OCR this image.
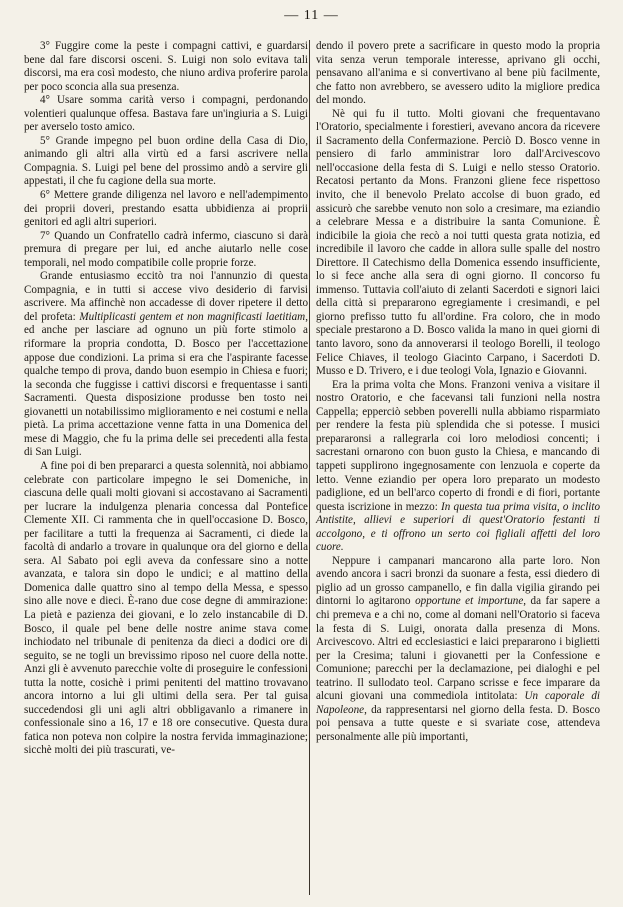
— 11 —

3° Fuggire come la peste i compagni cattivi, e guardarsi bene dal fare discorsi osceni. S. Luigi non solo evitava tali discorsi, ma era così modesto, che niuno ardiva proferire parola per poco sconcia alla sua presenza.

4° Usare somma carità verso i compagni, perdonando volentieri qualunque offesa. Bastava fare un'ingiuria a S. Luigi per averselo tosto amico.

5° Grande impegno pel buon ordine della Casa di Dio, animando gli altri alla virtù ed a farsi ascrivere nella Compagnia. S. Luigi pel bene del prossimo andò a servire gli appestati, il che fu cagione della sua morte.

6° Mettere grande diligenza nel lavoro e nell'adempimento dei proprii doveri, prestando esatta ubbidienza ai proprii genitori ed agli altri superiori.

7° Quando un Confratello cadrà infermo, ciascuno si darà premura di pregare per lui, ed anche aiutarlo nelle cose temporali, nel modo compatibile colle proprie forze.

Grande entusiasmo eccitò tra noi l'annunzio di questa Compagnia, e in tutti si accese vivo desiderio di farvisi ascrivere. Ma affinchè non accadesse di dover ripetere il detto del profeta: Multiplicasti gentem et non magnificasti laetitiam, ed anche per lasciare ad ognuno un più forte stimolo a riformare la propria condotta, D. Bosco per l'accettazione appose due condizioni. La prima si era che l'aspirante facesse qualche tempo di prova, dando buon esempio in Chiesa e fuori; la seconda che fuggisse i cattivi discorsi e frequentasse i santi Sacramenti. Questa disposizione produsse ben tosto nei giovanetti un notabilissimo miglioramento e nei costumi e nella pietà. La prima accettazione venne fatta in una Domenica del mese di Maggio, che fu la prima delle sei precedenti alla festa di San Luigi.

A fine poi di ben prepararci a questa solennità, noi abbiamo celebrate con particolare impegno le sei Domeniche, in ciascuna delle quali molti giovani si accostavano ai Sacramenti per lucrare la indulgenza plenaria concessa dal Pontefice Clemente XII. Ci rammenta che in quell'occasione D. Bosco, per facilitare a tutti la frequenza ai Sacramenti, ci diede la facoltà di andarlo a trovare in qualunque ora del giorno e della sera. Al Sabato poi egli aveva da confessare sino a notte avanzata, e talora sin dopo le undici; e al mattino della Domenica dalle quattro sino al tempo della Messa, e spesso sino alle nove e dieci. È-rano due cose degne di ammirazione: La pietà e pazienza dei giovani, e lo zelo instancabile di D. Bosco, il quale pel bene delle nostre anime stava come inchiodato nel tribunale di penitenza da dieci a dodici ore di seguito, se ne togli un brevissimo riposo nel cuore della notte. Anzi gli è avvenuto parecchie volte di proseguire le confessioni tutta la notte, cosichè i primi penitenti del mattino trovavano ancora intorno a lui gli ultimi della sera. Per tal guisa succedendosi gli uni agli altri obbligavanlo a rimanere in confessionale sino a 16, 17 e 18 ore consecutive. Questa dura fatica non poteva non colpire la nostra fervida immaginazione; sicchè molti dei più trascurati, ve-

dendo il povero prete a sacrificare in questo modo la propria vita senza verun temporale interesse, aprivano gli occhi, pensavano all'anima e si convertivano al bene più facilmente, che fatto non avrebbero, se avessero udito la migliore predica del mondo.

Nè qui fu il tutto. Molti giovani che frequentavano l'Oratorio, specialmente i forestieri, avevano ancora da ricevere il Sacramento della Confermazione. Perciò D. Bosco venne in pensiero di farlo amministrar loro dall'Arcivescovo nell'occasione della festa di S. Luigi e nello stesso Oratorio. Recatosi pertanto da Mons. Franzoni gliene fece rispettoso invito, che il benevolo Prelato accolse di buon grado, ed assicurò che sarebbe venuto non solo a cresimare, ma eziandio a celebrare Messa e a distribuire la santa Comunione. È indicibile la gioia che recò a noi tutti questa grata notizia, ed incredibile il lavoro che cadde in allora sulle spalle del nostro Direttore. Il Catechismo della Domenica essendo insufficiente, lo si fece anche alla sera di ogni giorno. Il concorso fu immenso. Tuttavia coll'aiuto di zelanti Sacerdoti e signori laici della città si prepararono egregiamente i cresimandi, e pel giorno prefisso tutto fu all'ordine. Fra coloro, che in modo speciale prestarono a D. Bosco valida la mano in quei giorni di tanto lavoro, sono da annoverarsi il teologo Borelli, il teologo Felice Chiaves, il teologo Giacinto Carpano, i Sacerdoti D. Musso e D. Trivero, e i due teologi Vola, Ignazio e Giovanni.

Era la prima volta che Mons. Franzoni veniva a visitare il nostro Oratorio, e che facevansi tali funzioni nella nostra Cappella; epperciò sebben poverelli nulla abbiamo risparmiato per rendere la festa più splendida che si potesse. I musici prepararonsi a rallegrarla coi loro melodiosi concenti; i sacrestani ornarono con buon gusto la Chiesa, e mancando di tappeti supplirono ingegnosamente con lenzuola e coperte da letto. Venne eziandio per opera loro preparato un modesto padiglione, ed un bell'arco coperto di frondi e di fiori, portante questa iscrizione in mezzo: In questa tua prima visita, o inclito Antistite, allievi e superiori di quest'Oratorio festanti ti accolgono, e ti offrono un serto coi figliali affetti del loro cuore.

Neppure i campanari mancarono alla parte loro. Non avendo ancora i sacri bronzi da suonare a festa, essi diedero di piglio ad un grosso campanello, e fin dalla vigilia girando pei dintorni lo agitarono opportune et importune, da far sapere a chi premeva e a chi no, come al domani nell'Oratorio si faceva la festa di S. Luigi, onorata dalla presenza di Mons. Arcivescovo. Altri ed ecclesiastici e laici prepararono i biglietti per la Cresima; taluni i giovanetti per la Confessione e Comunione; parecchi per la declamazione, pei dialoghi e pel teatrino. Il sullodato teol. Carpano scrisse e fece imparare da alcuni giovani una commediola intitolata: Un caporale di Napoleone, da rappresentarsi nel giorno della festa. D. Bosco poi pensava a tutte queste e si svariate cose, attendeva personalmente alle più importanti,
